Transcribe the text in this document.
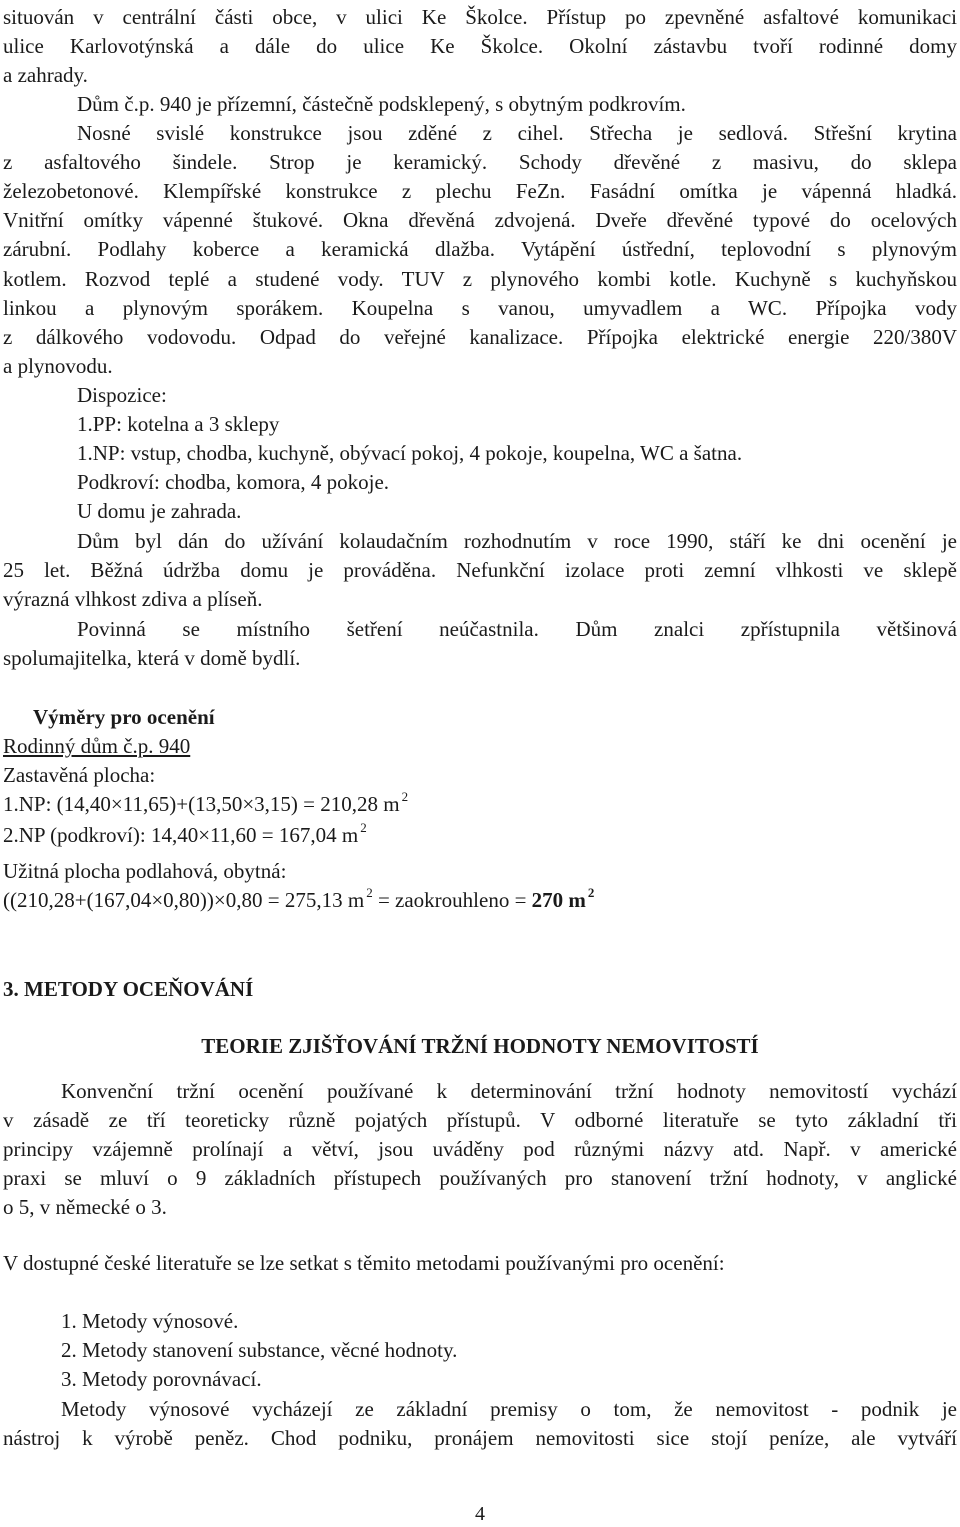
situován v centrální části obce, v ulici Ke Školce. Přístup po zpevněné asfaltové komunikaci
ulice Karlovotýnská a dále do ulice Ke Školce. Okolní zástavbu tvoří rodinné domy
a zahrady.
Dům č.p. 940 je přízemní, částečně podsklepený, s obytným podkrovím.
Nosné svislé konstrukce jsou zděné z cihel. Střecha je sedlová. Střešní krytina
z asfaltového šindele. Strop je keramický. Schody dřevěné z masivu, do sklepa
železobetonové. Klempířské konstrukce z plechu FeZn. Fasádní omítka je vápenná hladká.
Vnitřní omítky vápenné štukové. Okna dřevěná zdvojená. Dveře dřevěné typové do ocelových
zárubní. Podlahy koberce a keramická dlažba. Vytápění ústřední, teplovodní s plynovým
kotlem. Rozvod teplé a studené vody. TUV z plynového kombi kotle. Kuchyně s kuchyňskou
linkou a plynovým sporákem. Koupelna s vanou, umyvadlem a WC. Přípojka vody
z dálkového vodovodu. Odpad do veřejné kanalizace. Přípojka elektrické energie 220/380V
a plynovodu.
Dispozice:
1.PP: kotelna a 3 sklepy
1.NP: vstup, chodba, kuchyně, obývací pokoj, 4 pokoje, koupelna, WC a šatna.
Podkroví: chodba, komora, 4 pokoje.
U domu je zahrada.
Dům byl dán do užívání kolaudačním rozhodnutím v roce 1990, stáří ke dni ocenění je
25 let. Běžná údržba domu je prováděna. Nefunkční izolace proti zemní vlhkosti ve sklepě
výrazná vlhkost zdiva a plíseň.
Povinná se místního šetření neúčastnila. Dům znalci zpřístupnila většinová
spolumajitelka, která v domě bydlí.
Výměry pro ocenění
Rodinný dům č.p. 940
Zastavěná plocha:
1.NP: (14,40×11,65)+(13,50×3,15) = 210,28 m $^2$
2.NP (podkroví): 14,40×11,60 = 167,04 m $^2$
Užitná plocha podlahová, obytná:
((210,28+(167,04×0,80))×0,80 = 275,13 m $^2$ = zaokrouhleno = 270 m $^2$
3. METODY OCEŇOVÁNÍ
TEORIE ZJIŠŤOVÁNÍ TRŽNÍ HODNOTY NEMOVITOSTÍ
Konvenční tržní ocenění používané k determinování tržní hodnoty nemovitostí vychází
v zásadě ze tří teoreticky různě pojatých přístupů. V odborné literatuře se tyto základní tři
principy vzájemně prolínají a větví, jsou uváděny pod různými názvy atd. Např. v americké
praxi se mluví o 9 základních přístupech používaných pro stanovení tržní hodnoty, v anglické
o 5, v německé o 3.
V dostupné české literatuře se lze setkat s těmito metodami používanými pro ocenění:
1. Metody výnosové.
2. Metody stanovení substance, věcné hodnoty.
3. Metody porovnávací.
Metody výnosové vycházejí ze základní premisy o tom, že nemovitost - podnik je
nástroj k výrobě peněz. Chod podniku, pronájem nemovitosti sice stojí peníze, ale vytváří
4
